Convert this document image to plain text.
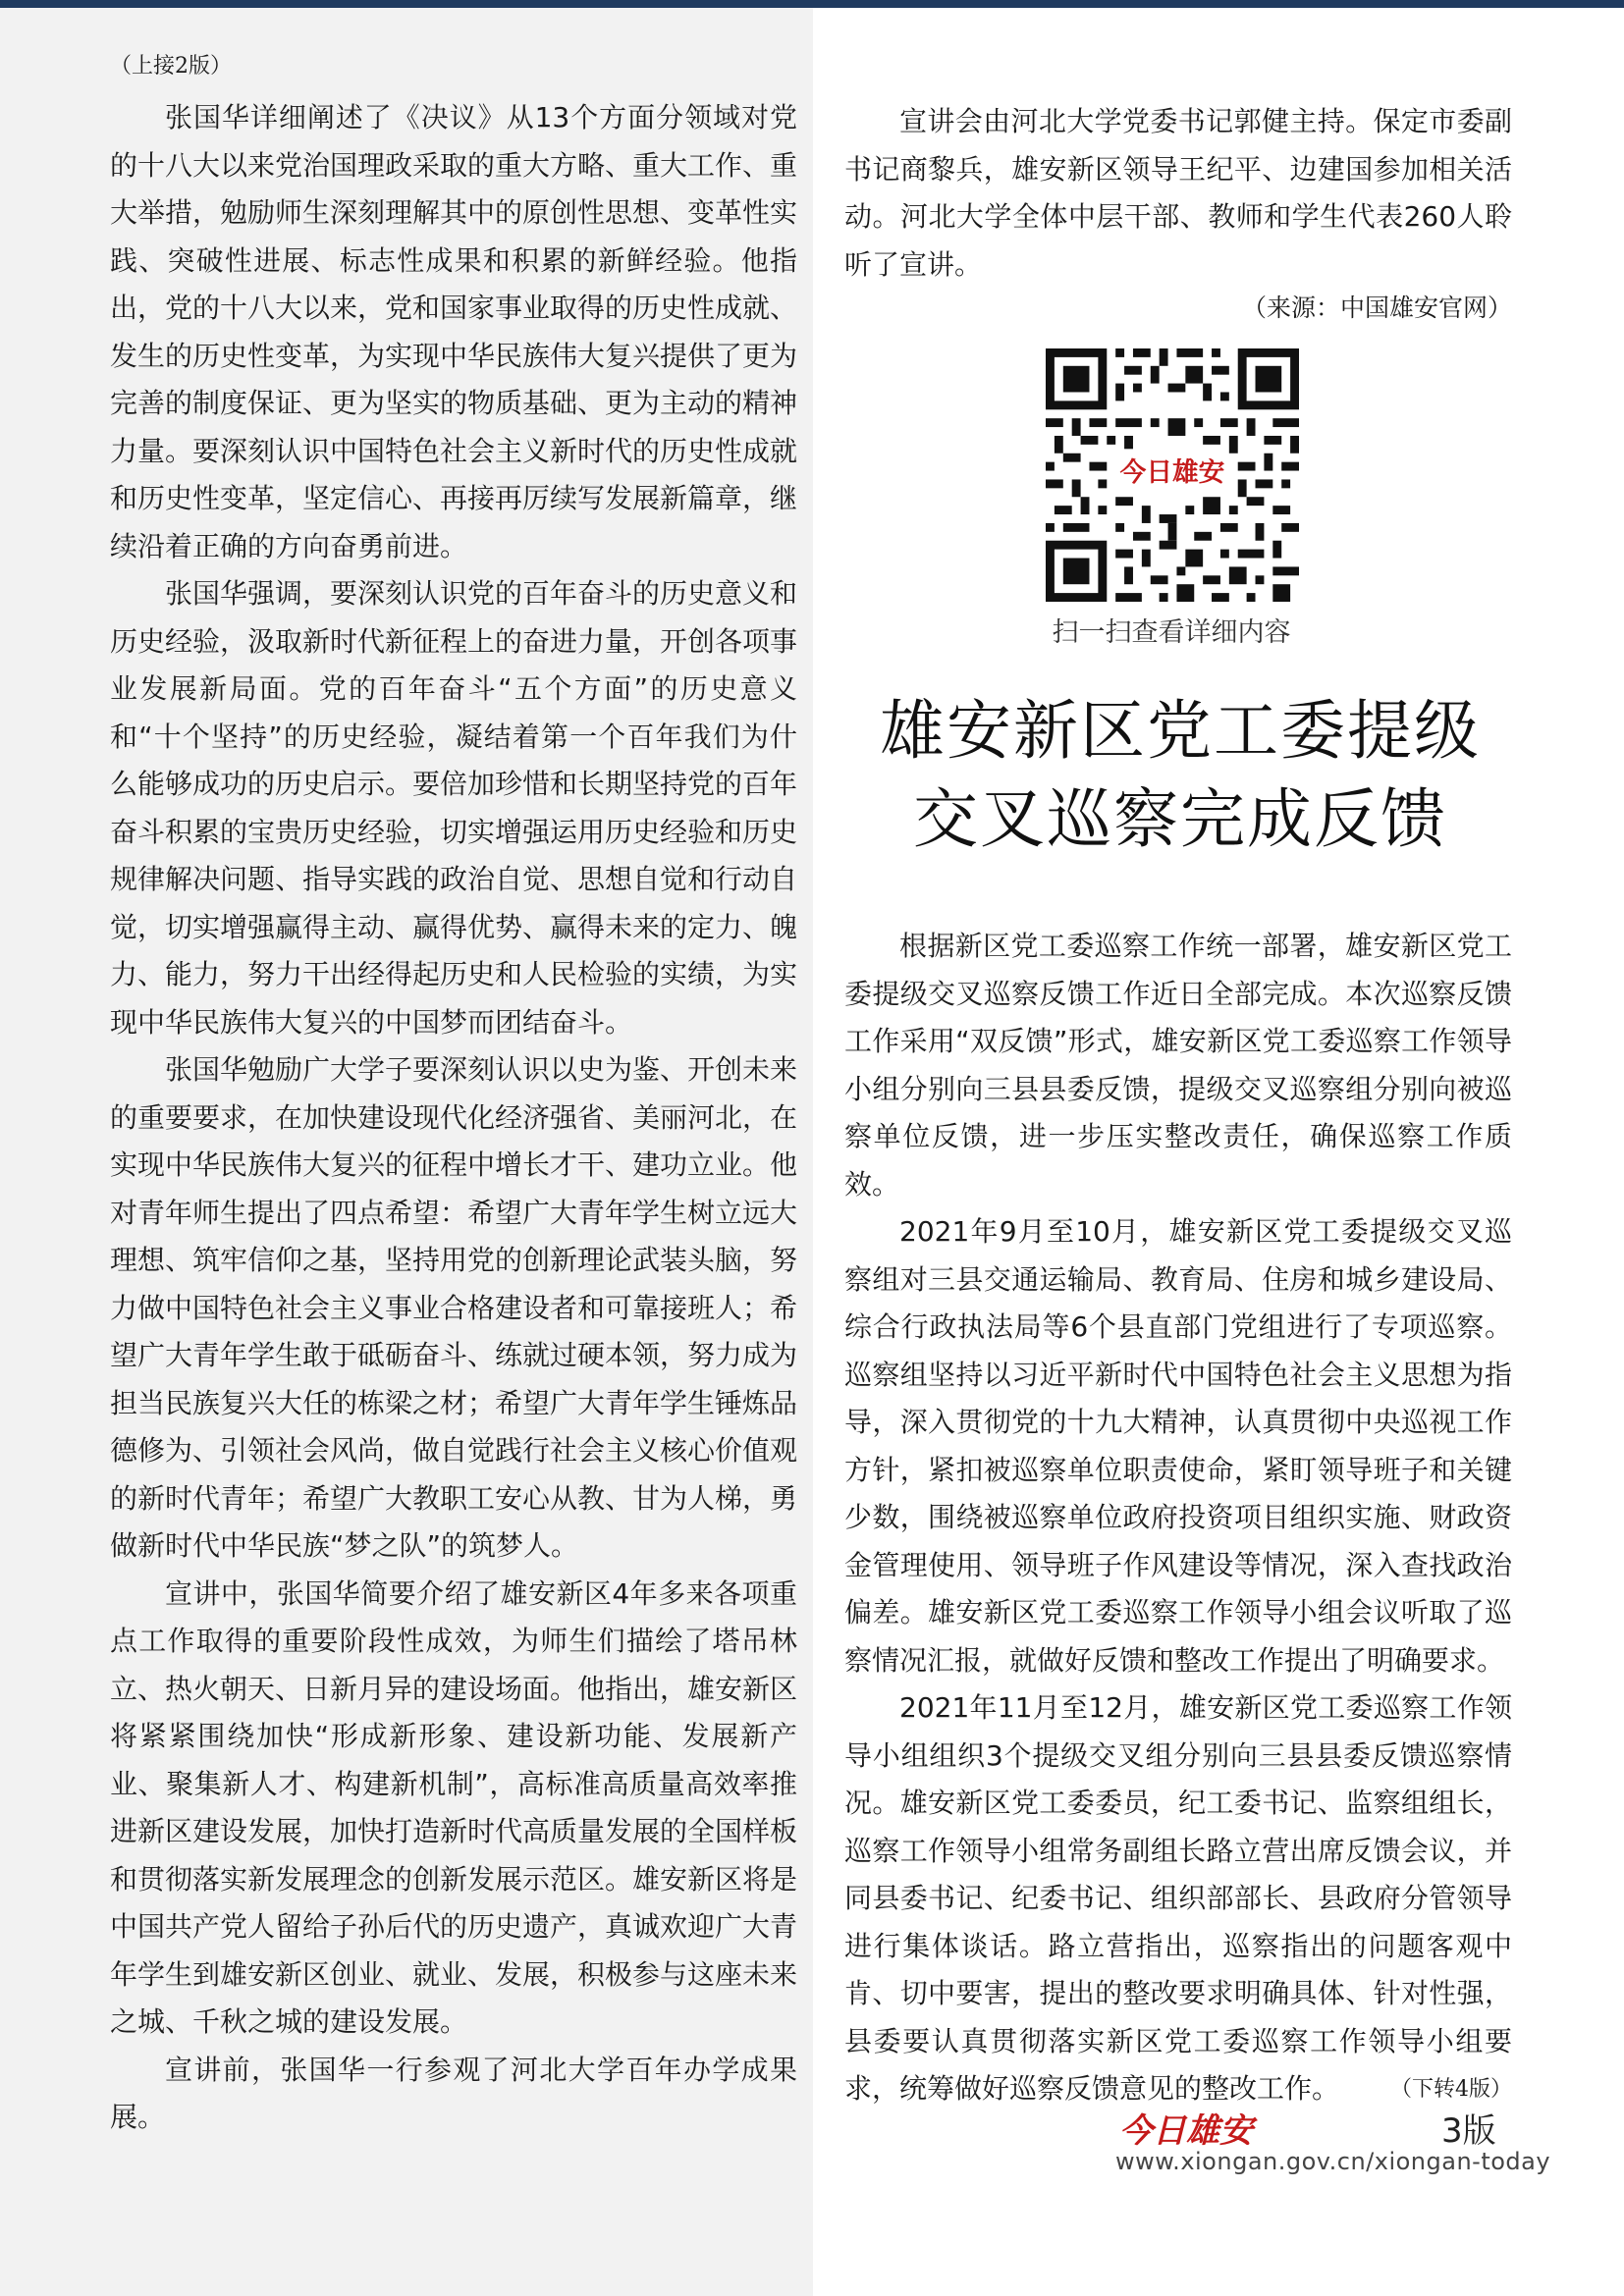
（上接2版）

张国华详细阐述了《决议》从13个方面分领域对党的十八大以来党治国理政采取的重大方略、重大工作、重大举措，勉励师生深刻理解其中的原创性思想、变革性实践、突破性进展、标志性成果和积累的新鲜经验。他指出，党的十八大以来，党和国家事业取得的历史性成就、发生的历史性变革，为实现中华民族伟大复兴提供了更为完善的制度保证、更为坚实的物质基础、更为主动的精神力量。要深刻认识中国特色社会主义新时代的历史性成就和历史性变革，坚定信心、再接再厉续写发展新篇章，继续沿着正确的方向奋勇前进。

张国华强调，要深刻认识党的百年奋斗的历史意义和历史经验，汲取新时代新征程上的奋进力量，开创各项事业发展新局面。党的百年奋斗“五个方面”的历史意义和“十个坚持”的历史经验，凝结着第一个百年我们为什么能够成功的历史启示。要倍加珍惜和长期坚持党的百年奋斗积累的宝贵历史经验，切实增强运用历史经验和历史规律解决问题、指导实践的政治自觉、思想自觉和行动自觉，切实增强赢得主动、赢得优势、赢得未来的定力、魄力、能力，努力干出经得起历史和人民检验的实绩，为实现中华民族伟大复兴的中国梦而团结奋斗。

张国华勉励广大学子要深刻认识以史为鉴、开创未来的重要要求，在加快建设现代化经济强省、美丽河北，在实现中华民族伟大复兴的征程中增长才干、建功立业。他对青年师生提出了四点希望：希望广大青年学生树立远大理想、筑牢信仰之基，坚持用党的创新理论武装头脑，努力做中国特色社会主义事业合格建设者和可靠接班人；希望广大青年学生敢于砥砺奋斗、练就过硬本领，努力成为担当民族复兴大任的栋梁之材；希望广大青年学生锤炼品德修为、引领社会风尚，做自觉践行社会主义核心价值观的新时代青年；希望广大教职工安心从教、甘为人梯，勇做新时代中华民族“梦之队”的筑梦人。

宣讲中，张国华简要介绍了雄安新区4年多来各项重点工作取得的重要阶段性成效，为师生们描绘了塔吊林立、热火朝天、日新月异的建设场面。他指出，雄安新区将紧紧围绕加快“形成新形象、建设新功能、发展新产业、聚集新人才、构建新机制”，高标准高质量高效率推进新区建设发展，加快打造新时代高质量发展的全国样板和贯彻落实新发展理念的创新发展示范区。雄安新区将是中国共产党人留给子孙后代的历史遗产，真诚欢迎广大青年学生到雄安新区创业、就业、发展，积极参与这座未来之城、千秋之城的建设发展。

宣讲前，张国华一行参观了河北大学百年办学成果展。

宣讲会由河北大学党委书记郭健主持。保定市委副书记商黎兵，雄安新区领导王纪平、边建国参加相关活动。河北大学全体中层干部、教师和学生代表260人聆听了宣讲。

（来源：中国雄安官网）

今日雄安
扫一扫查看详细内容
雄安新区党工委提级
交叉巡察完成反馈

根据新区党工委巡察工作统一部署，雄安新区党工委提级交叉巡察反馈工作近日全部完成。本次巡察反馈工作采用“双反馈”形式，雄安新区党工委巡察工作领导小组分别向三县县委反馈，提级交叉巡察组分别向被巡察单位反馈，进一步压实整改责任，确保巡察工作质效。

2021年9月至10月，雄安新区党工委提级交叉巡察组对三县交通运输局、教育局、住房和城乡建设局、综合行政执法局等6个县直部门党组进行了专项巡察。巡察组坚持以习近平新时代中国特色社会主义思想为指导，深入贯彻党的十九大精神，认真贯彻中央巡视工作方针，紧扣被巡察单位职责使命，紧盯领导班子和关键少数，围绕被巡察单位政府投资项目组织实施、财政资金管理使用、领导班子作风建设等情况，深入查找政治偏差。雄安新区党工委巡察工作领导小组会议听取了巡察情况汇报，就做好反馈和整改工作提出了明确要求。

2021年11月至12月，雄安新区党工委巡察工作领导小组组织3个提级交叉组分别向三县县委反馈巡察情况。雄安新区党工委委员，纪工委书记、监察组组长，巡察工作领导小组常务副组长路立营出席反馈会议，并同县委书记、纪委书记、组织部部长、县政府分管领导进行集体谈话。路立营指出，巡察指出的问题客观中肯、切中要害，提出的整改要求明确具体、针对性强，县委要认真贯彻落实新区党工委巡察工作领导小组要求，统筹做好巡察反馈意见的整改工作。	（下转4版）

今日雄安	3版
www.xiongan.gov.cn/xiongan-today
